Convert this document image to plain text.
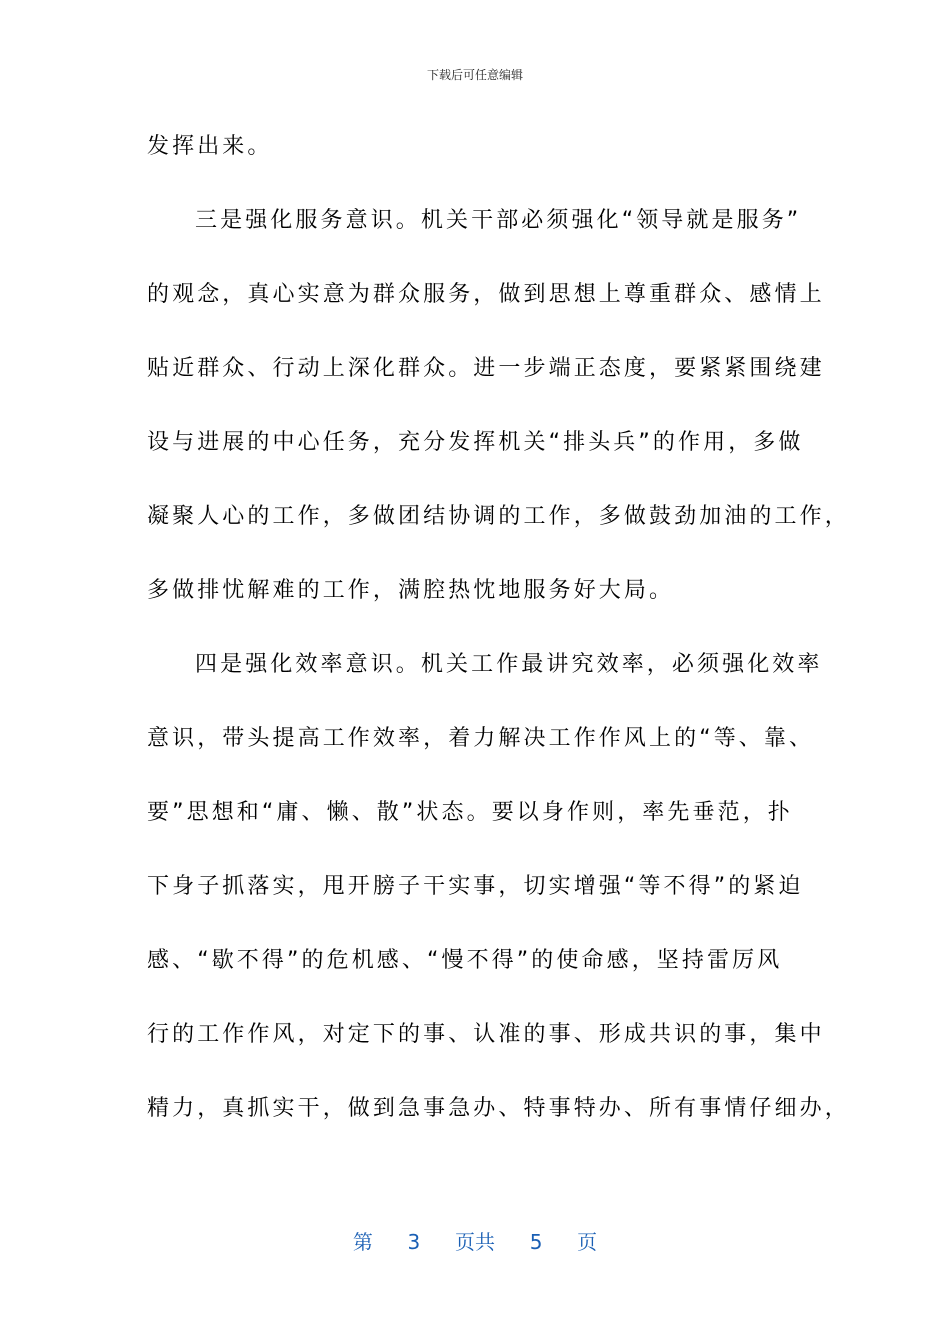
下载后可任意编辑
发挥出来。
三是强化服务意识。机关干部必须强化“领导就是服务”
的观念，真心实意为群众服务，做到思想上尊重群众、感情上
贴近群众、行动上深化群众。进一步端正态度，要紧紧围绕建
设与进展的中心任务，充分发挥机关“排头兵”的作用，多做
凝聚人心的工作，多做团结协调的工作，多做鼓劲加油的工作，
多做排忧解难的工作，满腔热忱地服务好大局。
四是强化效率意识。机关工作最讲究效率，必须强化效率
意识，带头提高工作效率，着力解决工作作风上的“等、靠、
要”思想和“庸、懒、散”状态。要以身作则，率先垂范，扑
下身子抓落实，甩开膀子干实事，切实增强“等不得”的紧迫
感、“歇不得”的危机感、“慢不得”的使命感，坚持雷厉风
行的工作作风，对定下的事、认准的事、形成共识的事，集中
精力，真抓实干，做到急事急办、特事特办、所有事情仔细办，
第 3 页共 5 页
